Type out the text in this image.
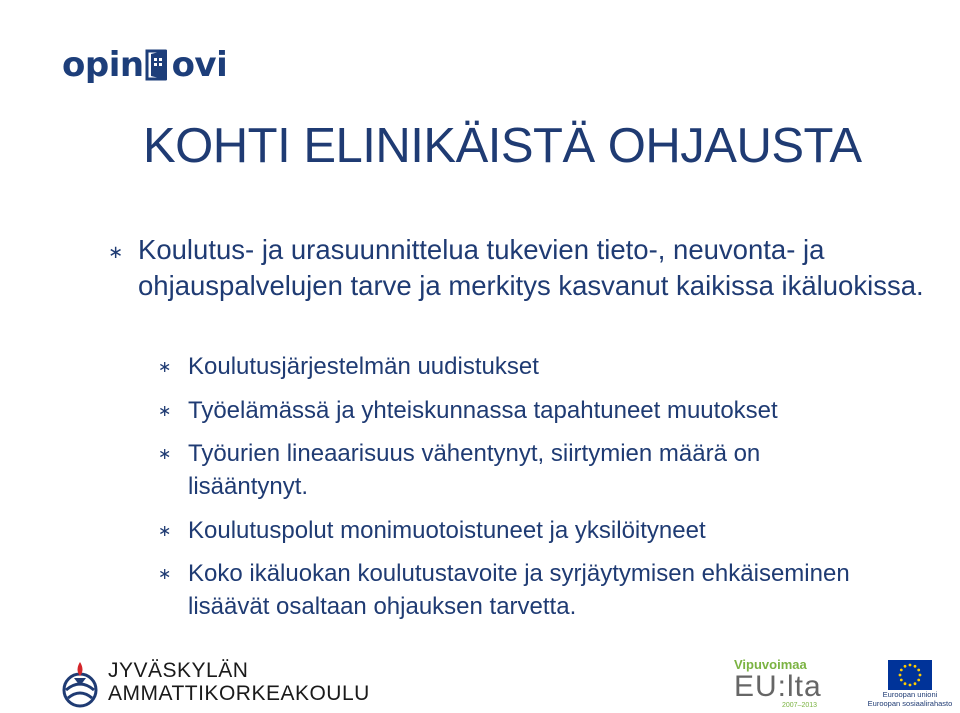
opin ovi
KOHTI ELINIKÄISTÄ OHJAUSTA
∗ Koulutus- ja urasuunnittelua tukevien tieto-, neuvonta- ja ohjauspalvelujen tarve ja merkitys kasvanut kaikissa ikäluokissa.
∗ Koulutusjärjestelmän uudistukset
∗ Työelämässä ja yhteiskunnassa tapahtuneet muutokset
∗ Työurien lineaarisuus vähentynyt, siirtymien määrä on lisääntynyt.
∗ Koulutuspolut monimuotoistuneet ja yksilöityneet
∗ Koko ikäluokan koulutustavoite ja syrjäytymisen ehkäiseminen lisäävät osaltaan ohjauksen tarvetta.
JYVÄSKYLÄN
AMMATTIKORKEAKOULU
Vipuvoimaa
EU:lta
2007–2013
Euroopan unioni
Euroopan sosiaalirahasto
